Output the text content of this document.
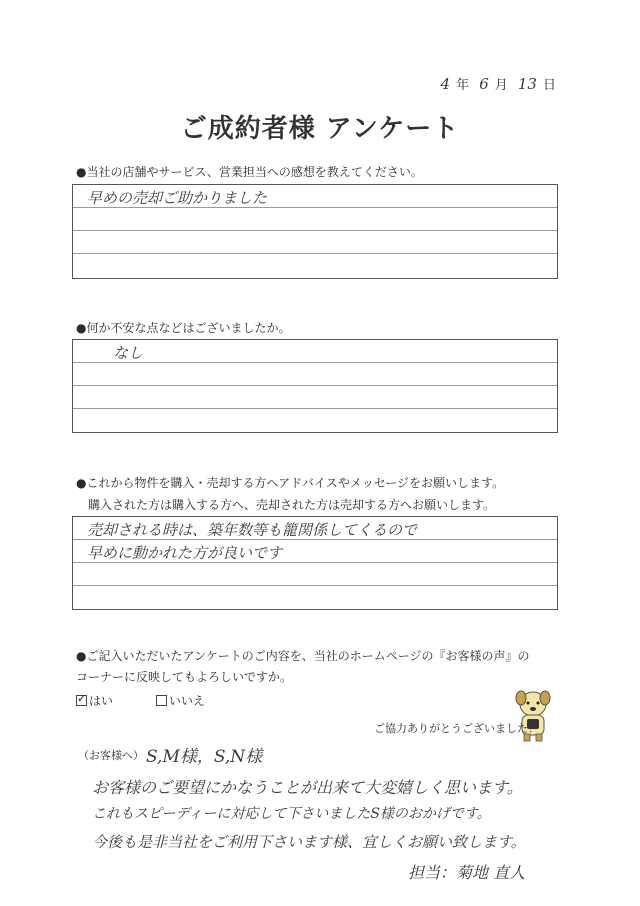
4 年 6 月 13 日
ご成約者様 アンケート
●当社の店舗やサービス、営業担当への感想を教えてください。
早めの売却ご助かりました
●何か不安な点などはございましたか。
なし
●これから物件を購入・売却する方へアドバイスやメッセージをお願いします。
購入された方は購入する方へ、売却された方は売却する方へお願いします。
売却される時は、築年数等も籠関係してくるので
早めに動かれた方が良いです
●ご記入いただいたアンケートのご内容を、当社のホームページの『お客様の声』の
コーナーに反映してもよろしいですか。
✓はい	いいえ
ご協力ありがとうございました！
（お客様へ） S,M様，S,N様
お客様のご要望にかなうことが出来て大変嬉しく思います。
これもスピーディーに対応して下さいましたS様のおかげです。
今後も是非当社をご利用下さいます様、宜しくお願い致します。
担当：菊地 直人
